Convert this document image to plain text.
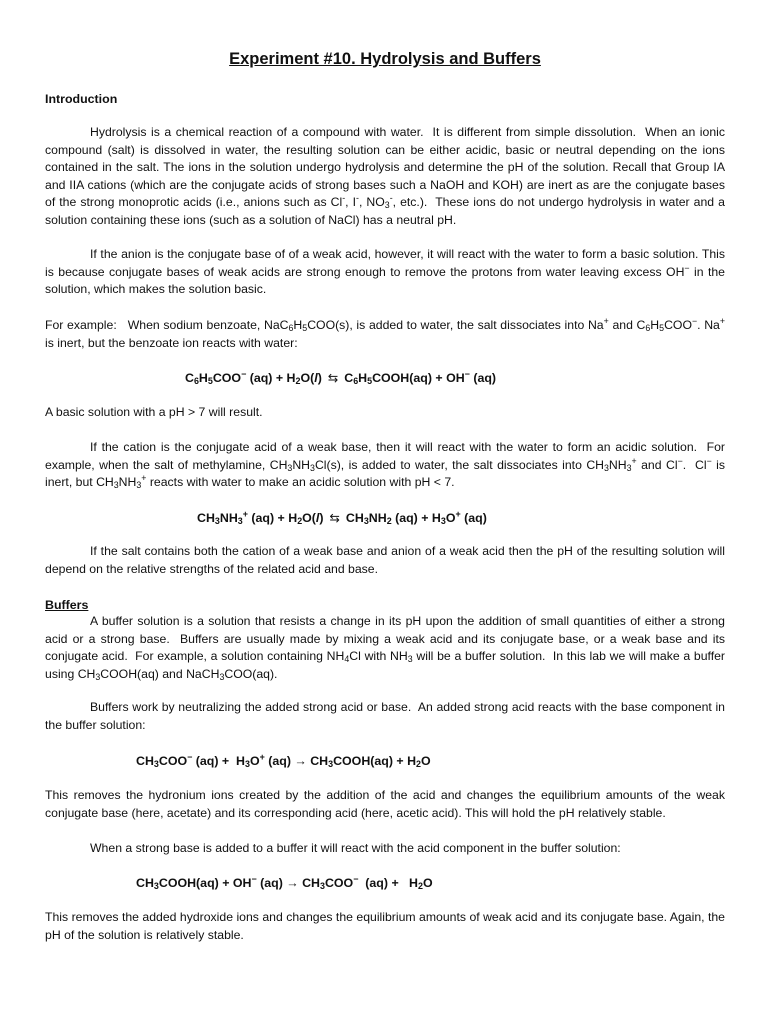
Experiment #10. Hydrolysis and Buffers
Introduction

Hydrolysis is a chemical reaction of a compound with water.  It is different from simple dissolution.  When an ionic compound (salt) is dissolved in water, the resulting solution can be either acidic, basic or neutral depending on the ions contained in the salt. The ions in the solution undergo hydrolysis and determine the pH of the solution. Recall that Group IA and IIA cations (which are the conjugate acids of strong bases such a NaOH and KOH) are inert as are the conjugate bases of the strong monoprotic acids (i.e., anions such as Cl-, I-, $NO_3^-$, etc.).  These ions do not undergo hydrolysis in water and a solution containing these ions (such as a solution of NaCl) has a neutral pH.

If the anion is the conjugate base of of a weak acid, however, it will react with the water to form a basic solution. This is because conjugate bases of weak acids are strong enough to remove the protons from water leaving excess OH− in the solution, which makes the solution basic.

For example:   When sodium benzoate, $NaC_6H_5COO(s)$, is added to water, the salt dissociates into Na+ and $C_6H_5COO^-$. Na+ is inert, but the benzoate ion reacts with water:

$C_6H_5COO^-$ $(aq) + H_2O(l)$ ⇆ $C_6H_5COOH(aq) + OH^-$ (aq)

A basic solution with a pH > 7 will result.

If the cation is the conjugate acid of a weak base, then it will react with the water to form an acidic solution.  For example, when the salt of methylamine, $CH_3NH_3Cl(s)$, is added to water, the salt dissociates into $CH_3NH_3^+$ and Cl−.  Cl− is inert, but $CH_3NH_3^+$ reacts with water to make an acidic solution with pH < 7.

$CH_3NH_3^+$ $(aq) + H_2O(l)$ ⇆ $CH_3NH_2$ $(aq) + H_3O^+$ (aq)

If the salt contains both the cation of a weak base and anion of a weak acid then the pH of the resulting solution will depend on the relative strengths of the related acid and base.

Buffers

A buffer solution is a solution that resists a change in its pH upon the addition of small quantities of either a strong acid or a strong base.  Buffers are usually made by mixing a weak acid and its conjugate base, or a weak base and its conjugate acid.  For example, a solution containing $NH_4Cl$ with $NH_3$ will be a buffer solution.  In this lab we will make a buffer using $CH_3COOH(aq)$ and NaCH$_3$COO(aq).

Buffers work by neutralizing the added strong acid or base.  An added strong acid reacts with the base component in the buffer solution:

$CH_3COO^-$ $(aq) + H_3O^+$ $(aq) \to CH_3COOH(aq) + H_2O$

This removes the hydronium ions created by the addition of the acid and changes the equilibrium amounts of the weak conjugate base (here, acetate) and its corresponding acid (here, acetic acid). This will hold the pH relatively stable.

When a strong base is added to a buffer it will react with the acid component in the buffer solution:

$CH_3COOH(aq) + OH^-$ $(aq) \to CH_3COO^-$  $(aq) + H_2O$

This removes the added hydroxide ions and changes the equilibrium amounts of weak acid and its conjugate base. Again, the pH of the solution is relatively stable.
